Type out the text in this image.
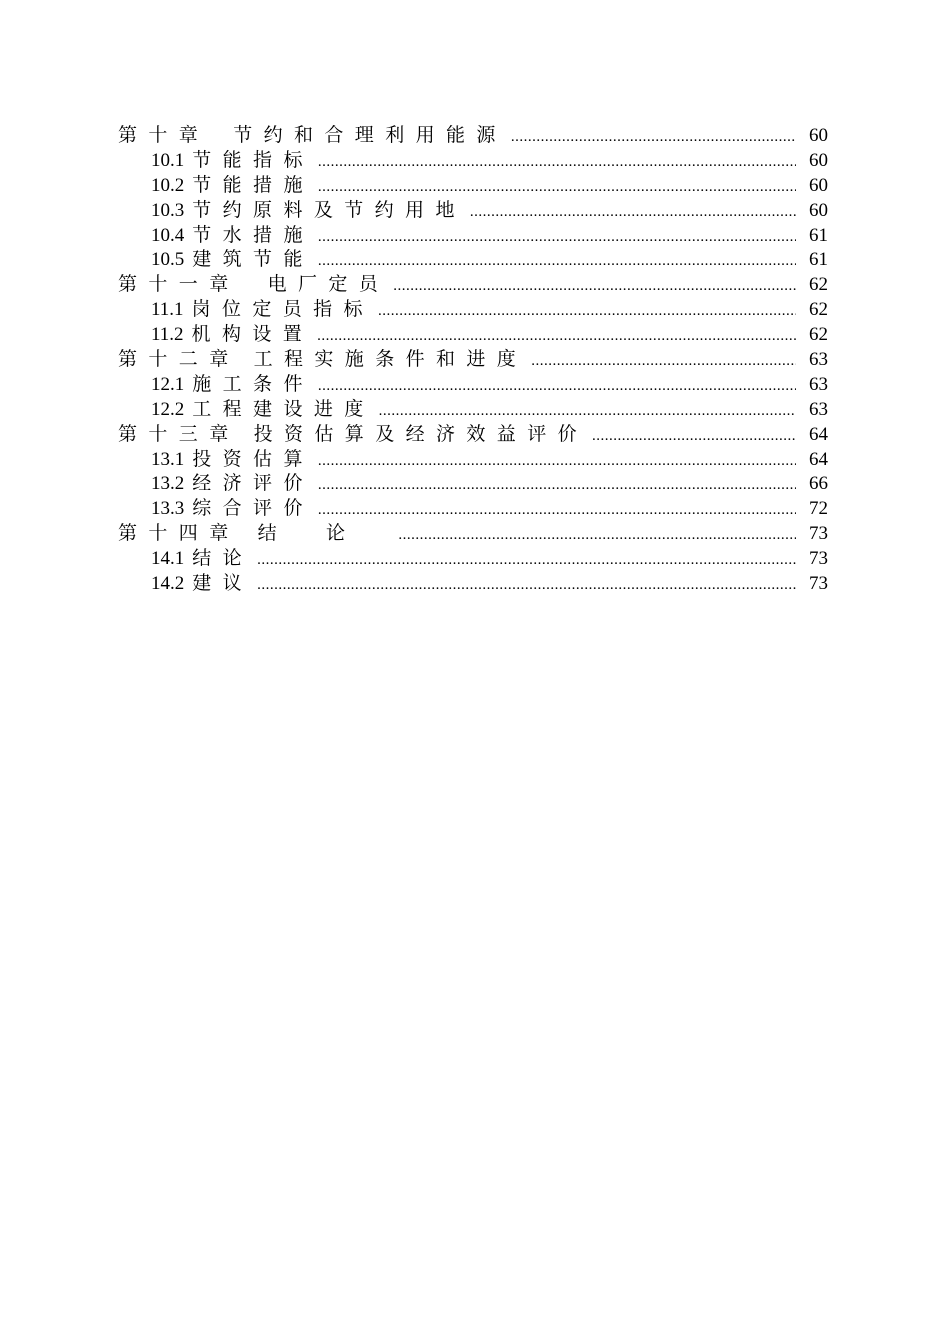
第十章 节约和合理利用能源 .....	60
10.1 节能指标 .....	60
10.2 节能措施 .....	60
10.3 节约原料及节约用地 .....	60
10.4 节水措施 .....	61
10.5 建筑节能 .....	61
第十一章 电厂定员 .....	62
11.1 岗位定员指标 .....	62
11.2 机构设置 .....	62
第十二章 工程实施条件和进度 .....	63
12.1 施工条件 .....	63
12.2 工程建设进度 .....	63
第十三章 投资估算及经济效益评价 .....	64
13.1 投资估算 .....	64
13.2 经济评价 .....	66
13.3 综合评价 .....	72
第十四章 结论 .....	73
14.1 结论 .....	73
14.2 建议 .....	73
